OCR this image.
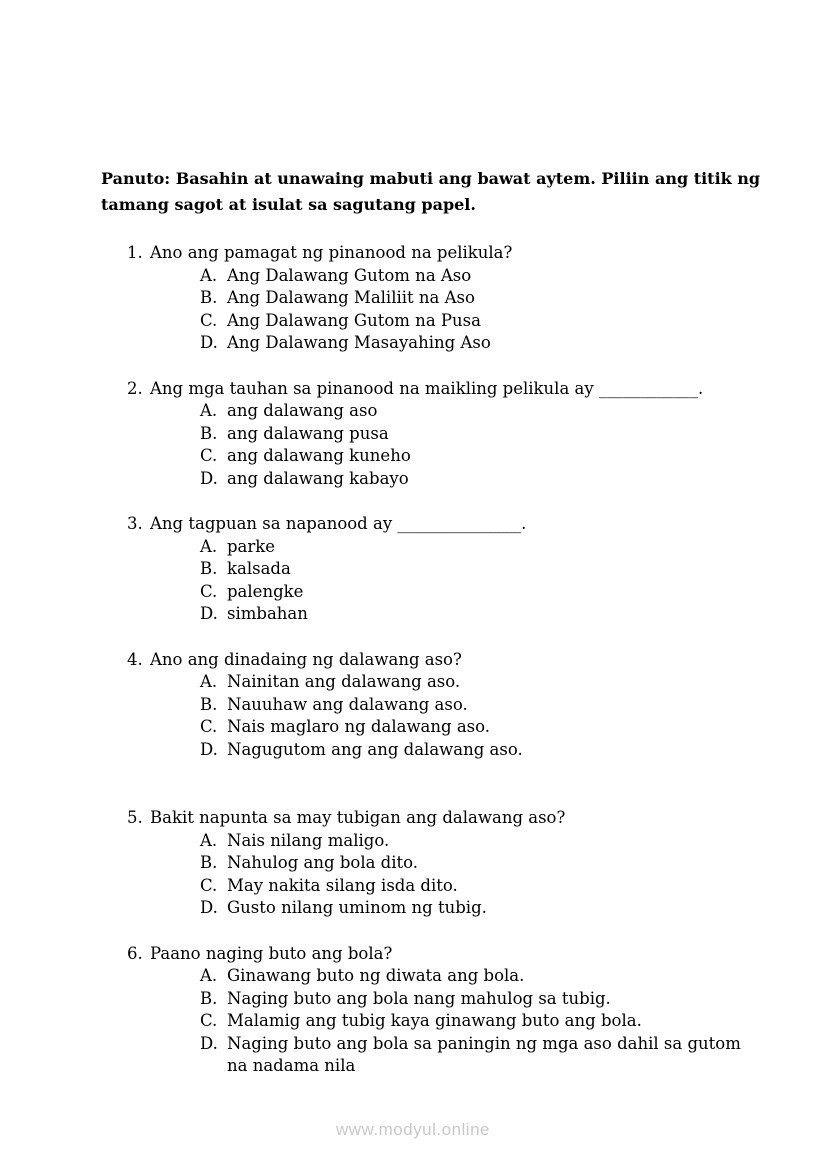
Panuto: Basahin at unawaing mabuti ang bawat aytem. Piliin ang titik ng tamang sagot at isulat sa sagutang papel.

1. Ano ang pamagat ng pinanood na pelikula?
A. Ang Dalawang Gutom na Aso
B. Ang Dalawang Maliliit na Aso
C. Ang Dalawang Gutom na Pusa
D. Ang Dalawang Masayahing Aso
2. Ang mga tauhan sa pinanood na maikling pelikula ay ____________.
A. ang dalawang aso
B. ang dalawang pusa
C. ang dalawang kuneho
D. ang dalawang kabayo
3. Ang tagpuan sa napanood ay _______________.
A. parke
B. kalsada
C. palengke
D. simbahan
4. Ano ang dinadaing ng dalawang aso?
A. Nainitan ang dalawang aso.
B. Nauuhaw ang dalawang aso.
C. Nais maglaro ng dalawang aso.
D. Nagugutom ang ang dalawang aso.
5. Bakit napunta sa may tubigan ang dalawang aso?
A. Nais nilang maligo.
B. Nahulog ang bola dito.
C. May nakita silang isda dito.
D. Gusto nilang uminom ng tubig.
6. Paano naging buto ang bola?
A. Ginawang buto ng diwata ang bola.
B. Naging buto ang bola nang mahulog sa tubig.
C. Malamig ang tubig kaya ginawang buto ang bola.
D. Naging buto ang bola sa paningin ng mga aso dahil sa gutom na nadama nila
www.modyul.online
